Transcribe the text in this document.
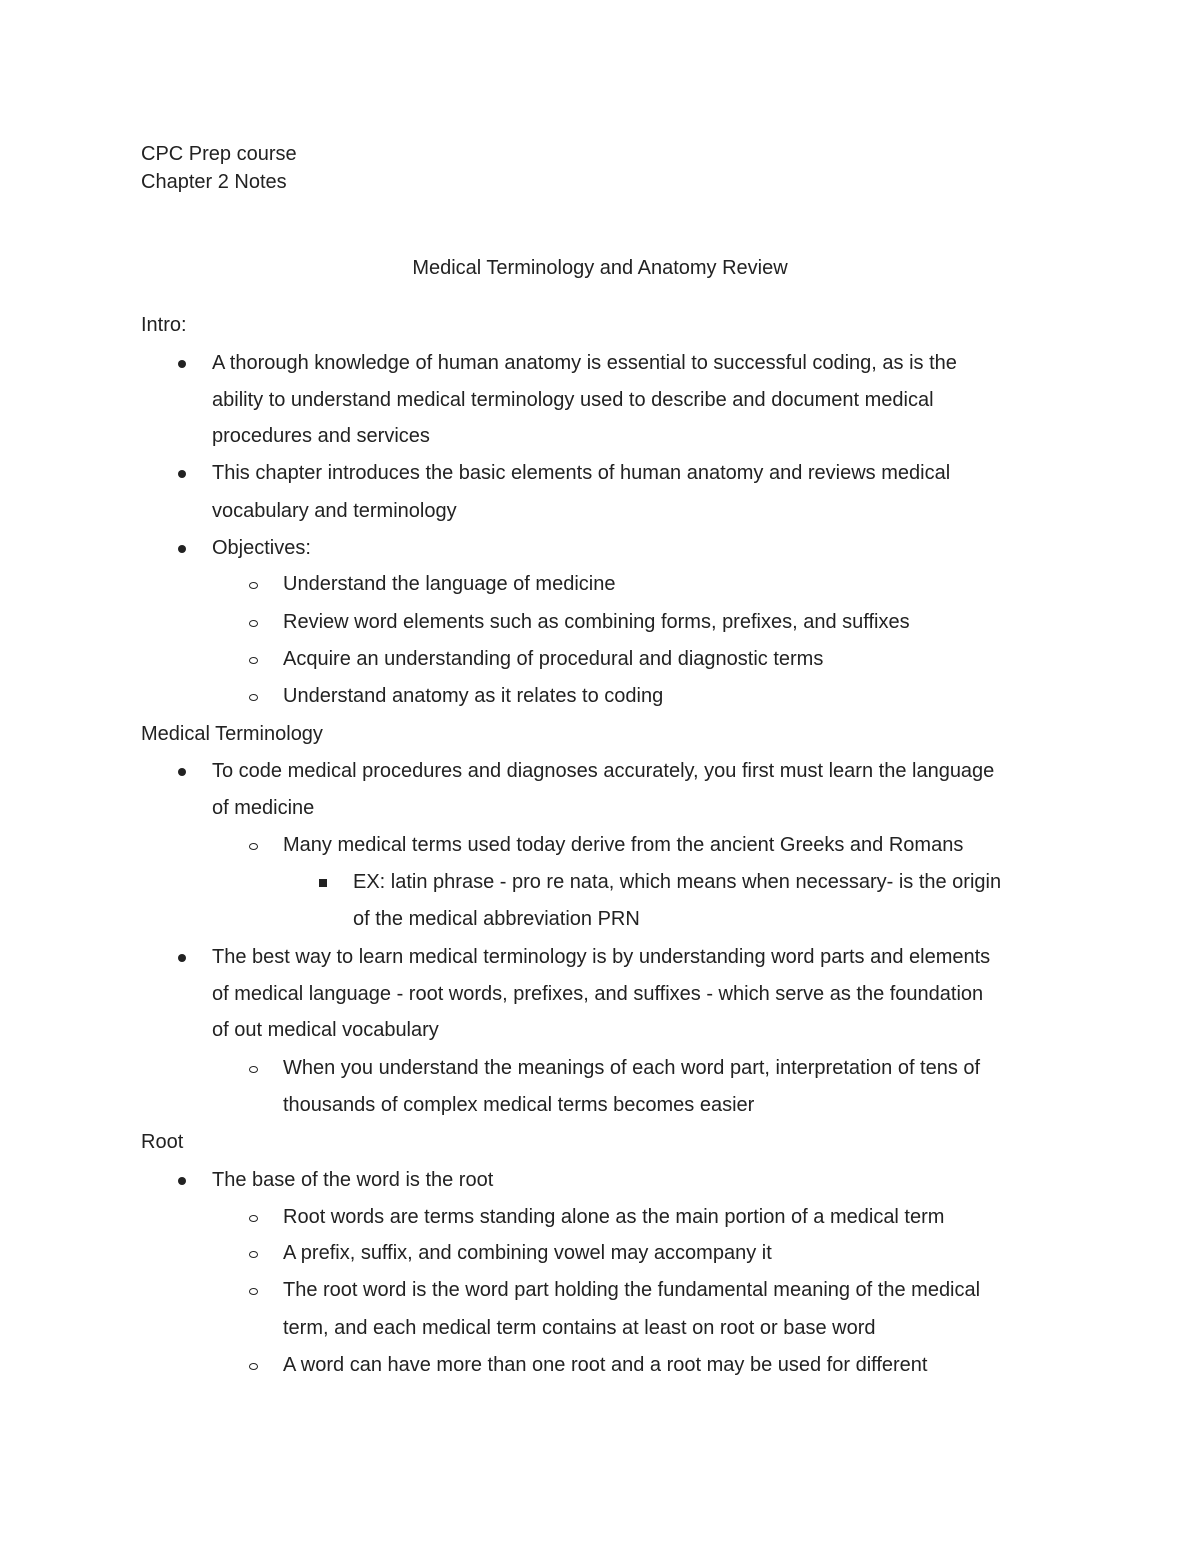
CPC Prep course
Chapter 2 Notes
Medical Terminology and Anatomy Review
Intro:
A thorough knowledge of human anatomy is essential to successful coding, as is the
ability to understand medical terminology used to describe and document medical
procedures and services
This chapter introduces the basic elements of human anatomy and reviews medical
vocabulary and terminology
Objectives:
Understand the language of medicine
Review word elements such as combining forms, prefixes, and suffixes
Acquire an understanding of procedural and diagnostic terms
Understand anatomy as it relates to coding
Medical Terminology
To code medical procedures and diagnoses accurately, you first must learn the language
of medicine
Many medical terms used today derive from the ancient Greeks and Romans
EX: latin phrase - pro re nata, which means when necessary- is the origin
of the medical abbreviation PRN
The best way to learn medical terminology is by understanding word parts and elements
of medical language - root words, prefixes, and suffixes - which serve as the foundation
of out medical vocabulary
When you understand the meanings of each word part, interpretation of tens of
thousands of complex medical terms becomes easier
Root
The base of the word is the root
Root words are terms standing alone as the main portion of a medical term
A prefix, suffix, and combining vowel may accompany it
The root word is the word part holding the fundamental meaning of the medical
term, and each medical term contains at least on root or base word
A word can have more than one root and a root may be used for different
